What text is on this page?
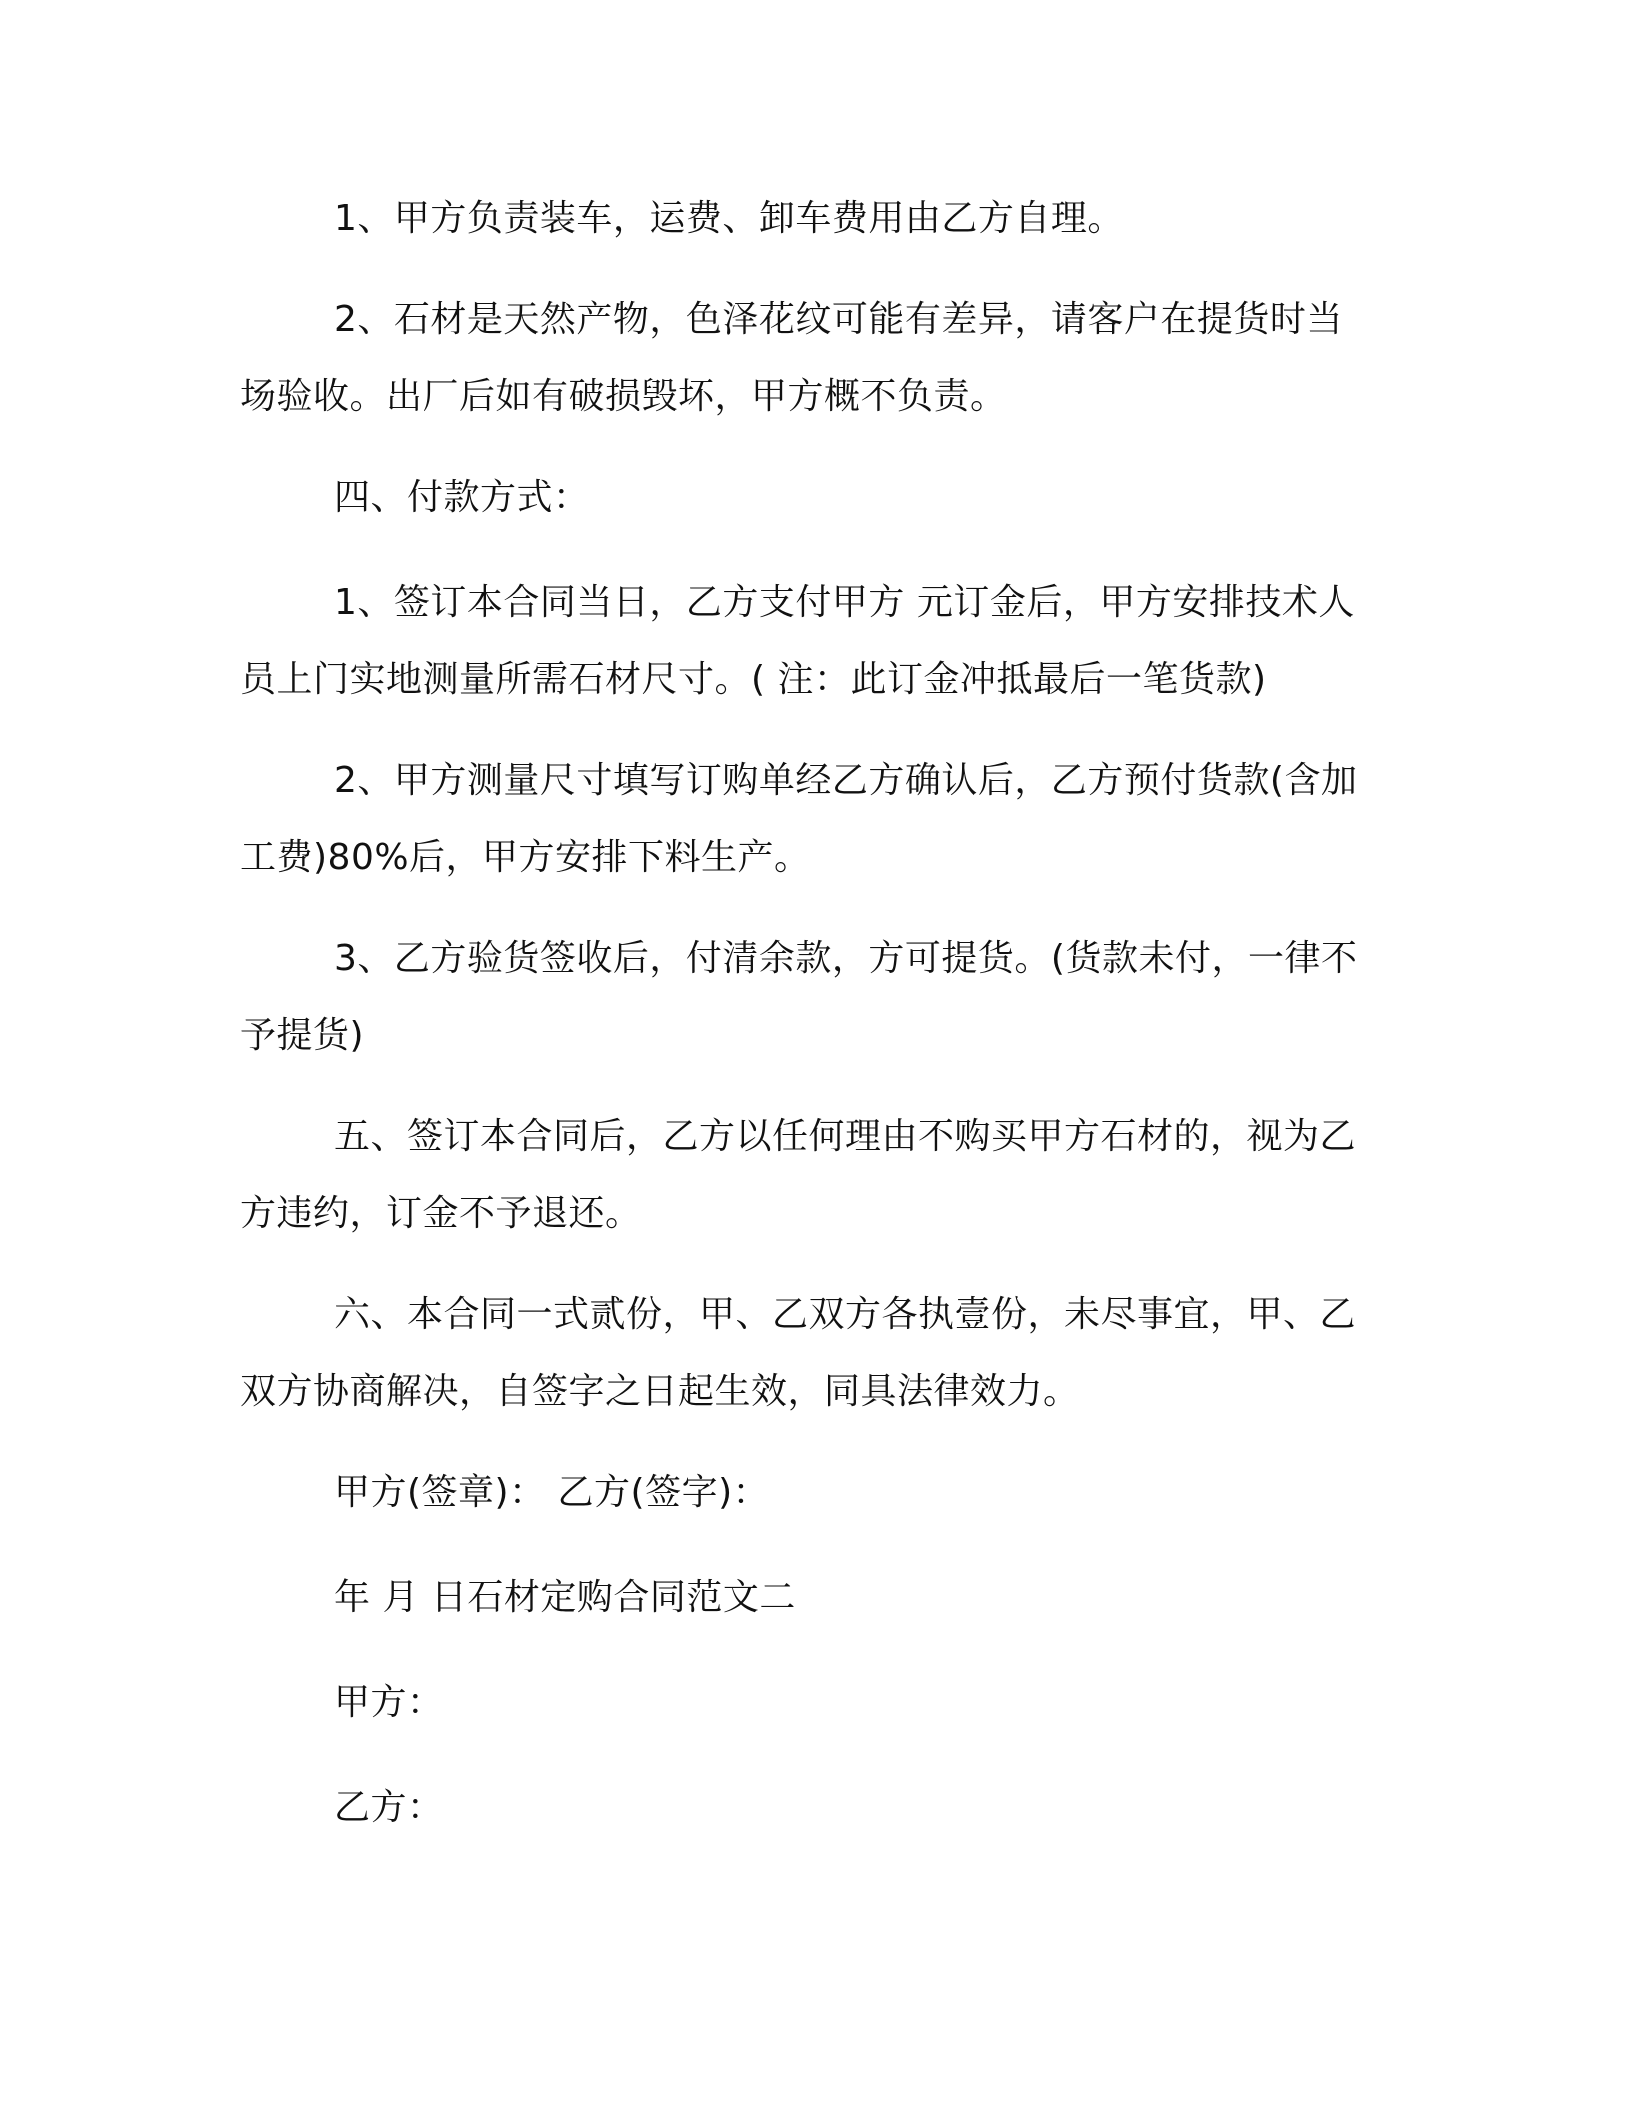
1、甲方负责装车，运费、卸车费用由乙方自理。

2、石材是天然产物，色泽花纹可能有差异，请客户在提货时当场验收。出厂后如有破损毁坏，甲方概不负责。

四、付款方式：

1、签订本合同当日，乙方支付甲方 元订金后，甲方安排技术人员上门实地测量所需石材尺寸。( 注：此订金冲抵最后一笔货款)

2、甲方测量尺寸填写订购单经乙方确认后，乙方预付货款(含加工费)80%后，甲方安排下料生产。

3、乙方验货签收后，付清余款，方可提货。(货款未付，一律不予提货)

五、签订本合同后，乙方以任何理由不购买甲方石材的，视为乙方违约，订金不予退还。

六、本合同一式贰份，甲、乙双方各执壹份，未尽事宜，甲、乙双方协商解决，自签字之日起生效，同具法律效力。

甲方(签章)： 乙方(签字)：

年 月 日石材定购合同范文二

甲方：

乙方：
